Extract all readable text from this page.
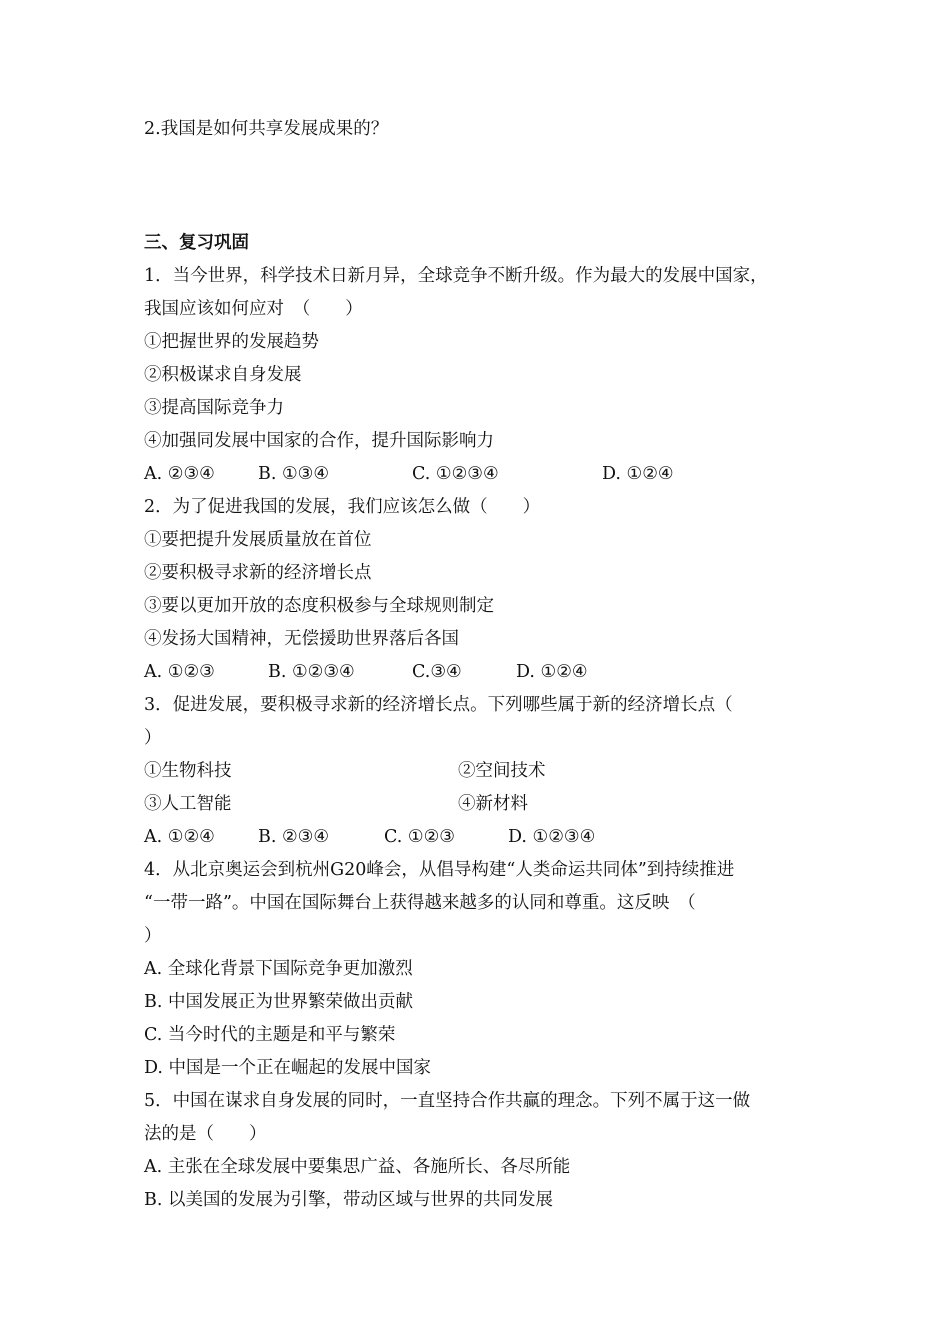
2.我国是如何共享发展成果的？
三、复习巩固
1．当今世界，科学技术日新月异，全球竞争不断升级。作为最大的发展中国家，
我国应该如何应对　（　　）
①把握世界的发展趋势
②积极谋求自身发展
③提高国际竞争力
④加强同发展中国家的合作，提升国际影响力
A. ②③④ B. ①③④	C. ①②③④	D. ①②④
2．为了促进我国的发展，我们应该怎么做（　　）
①要把提升发展质量放在首位
②要积极寻求新的经济增长点
③要以更加开放的态度积极参与全球规则制定
④发扬大国精神，无偿援助世界落后各国
A. ①②③	B. ①②③④	C.③④	D. ①②④
3．促进发展，要积极寻求新的经济增长点。下列哪些属于新的经济增长点（
）
①生物科技	②空间技术
③人工智能	④新材料
A. ①②④ B. ②③④	C. ①②③	D. ①②③④
4．从北京奥运会到杭州G20峰会，从倡导构建“人类命运共同体”到持续推进
“一带一路”。中国在国际舞台上获得越来越多的认同和尊重。这反映　（
）
A. 全球化背景下国际竞争更加激烈
B. 中国发展正为世界繁荣做出贡献
C. 当今时代的主题是和平与繁荣
D. 中国是一个正在崛起的发展中国家
5．中国在谋求自身发展的同时，一直坚持合作共赢的理念。下列不属于这一做
法的是（　　）
A. 主张在全球发展中要集思广益、各施所长、各尽所能
B. 以美国的发展为引擎，带动区域与世界的共同发展
